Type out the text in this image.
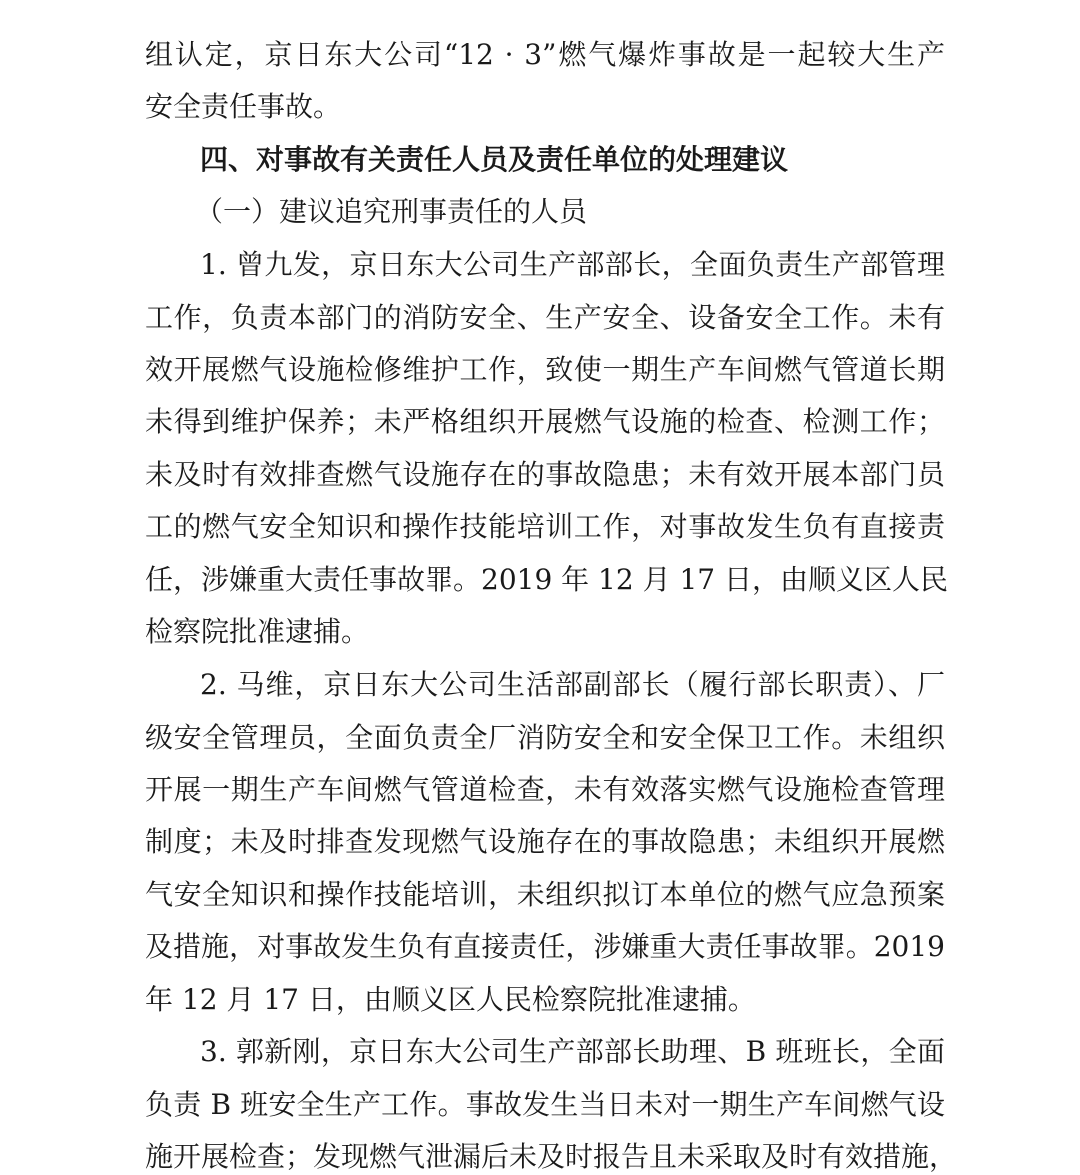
组认定，京日东大公司“12 · 3”燃气爆炸事故是一起较大生产
安全责任事故。
四、对事故有关责任人员及责任单位的处理建议
（一）建议追究刑事责任的人员
1. 曾九发，京日东大公司生产部部长，全面负责生产部管理
工作，负责本部门的消防安全、生产安全、设备安全工作。未有
效开展燃气设施检修维护工作，致使一期生产车间燃气管道长期
未得到维护保养；未严格组织开展燃气设施的检查、检测工作；
未及时有效排查燃气设施存在的事故隐患；未有效开展本部门员
工的燃气安全知识和操作技能培训工作，对事故发生负有直接责
任，涉嫌重大责任事故罪。2019 年 12 月 17 日，由顺义区人民
检察院批准逮捕。
2. 马维，京日东大公司生活部副部长（履行部长职责）、厂
级安全管理员，全面负责全厂消防安全和安全保卫工作。未组织
开展一期生产车间燃气管道检查，未有效落实燃气设施检查管理
制度；未及时排查发现燃气设施存在的事故隐患；未组织开展燃
气安全知识和操作技能培训，未组织拟订本单位的燃气应急预案
及措施，对事故发生负有直接责任，涉嫌重大责任事故罪。2019
年 12 月 17 日，由顺义区人民检察院批准逮捕。
3. 郭新刚，京日东大公司生产部部长助理、B 班班长，全面
负责 B 班安全生产工作。事故发生当日未对一期生产车间燃气设
施开展检查；发现燃气泄漏后未及时报告且未采取及时有效措施，
